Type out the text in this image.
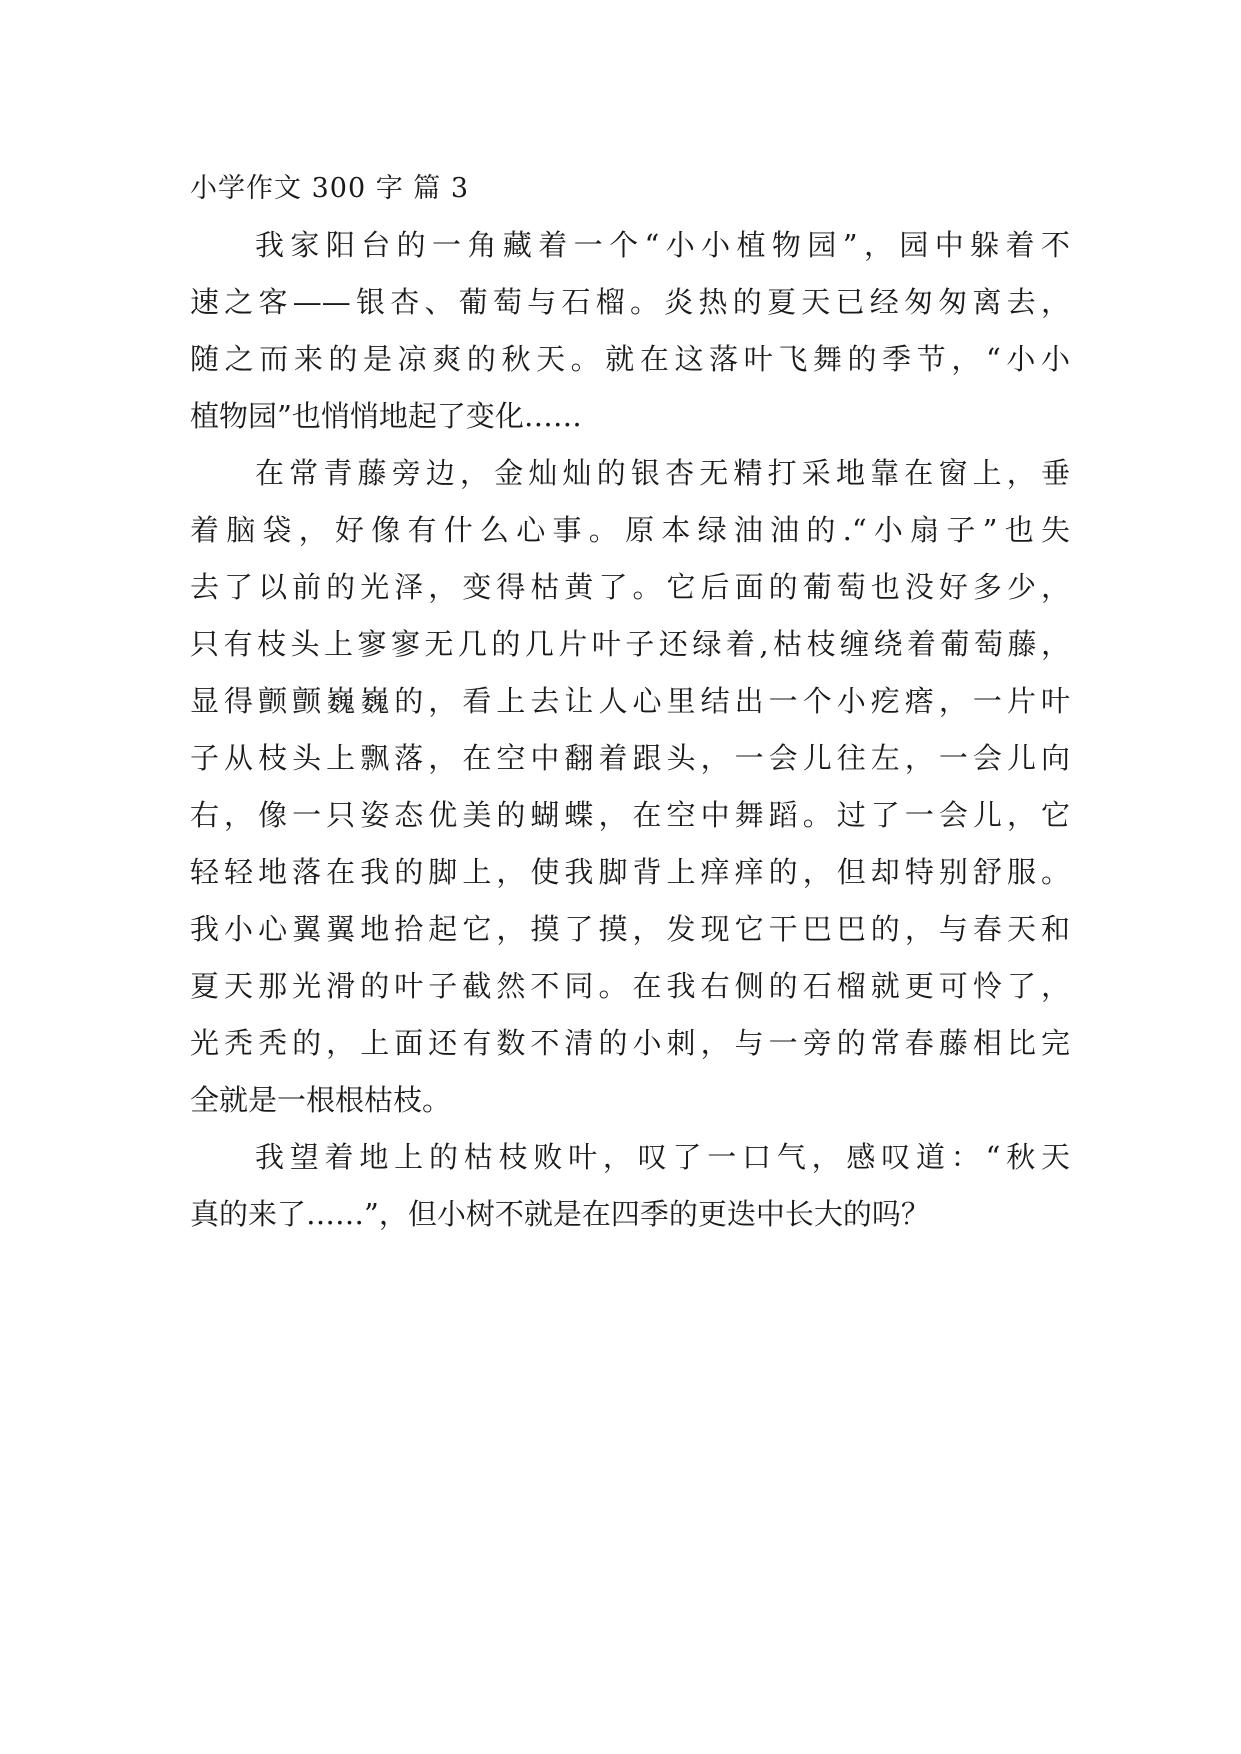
小学作文 300 字 篇 3
我家阳台的一角藏着一个“小小植物园”，园中躲着不
速之客——银杏、葡萄与石榴。炎热的夏天已经匆匆离去，
随之而来的是凉爽的秋天。就在这落叶飞舞的季节，“小小
植物园”也悄悄地起了变化……
在常青藤旁边，金灿灿的银杏无精打采地靠在窗上，垂
着脑袋，好像有什么心事。原本绿油油的.“小扇子”也失
去了以前的光泽，变得枯黄了。它后面的葡萄也没好多少，
只有枝头上寥寥无几的几片叶子还绿着,枯枝缠绕着葡萄藤，
显得颤颤巍巍的，看上去让人心里结出一个小疙瘩，一片叶
子从枝头上飘落，在空中翻着跟头，一会儿往左，一会儿向
右，像一只姿态优美的蝴蝶，在空中舞蹈。过了一会儿，它
轻轻地落在我的脚上，使我脚背上痒痒的，但却特别舒服。
我小心翼翼地拾起它，摸了摸，发现它干巴巴的，与春天和
夏天那光滑的叶子截然不同。在我右侧的石榴就更可怜了，
光秃秃的，上面还有数不清的小刺，与一旁的常春藤相比完
全就是一根根枯枝。
我望着地上的枯枝败叶，叹了一口气，感叹道：“秋天
真的来了……”，但小树不就是在四季的更迭中长大的吗？
